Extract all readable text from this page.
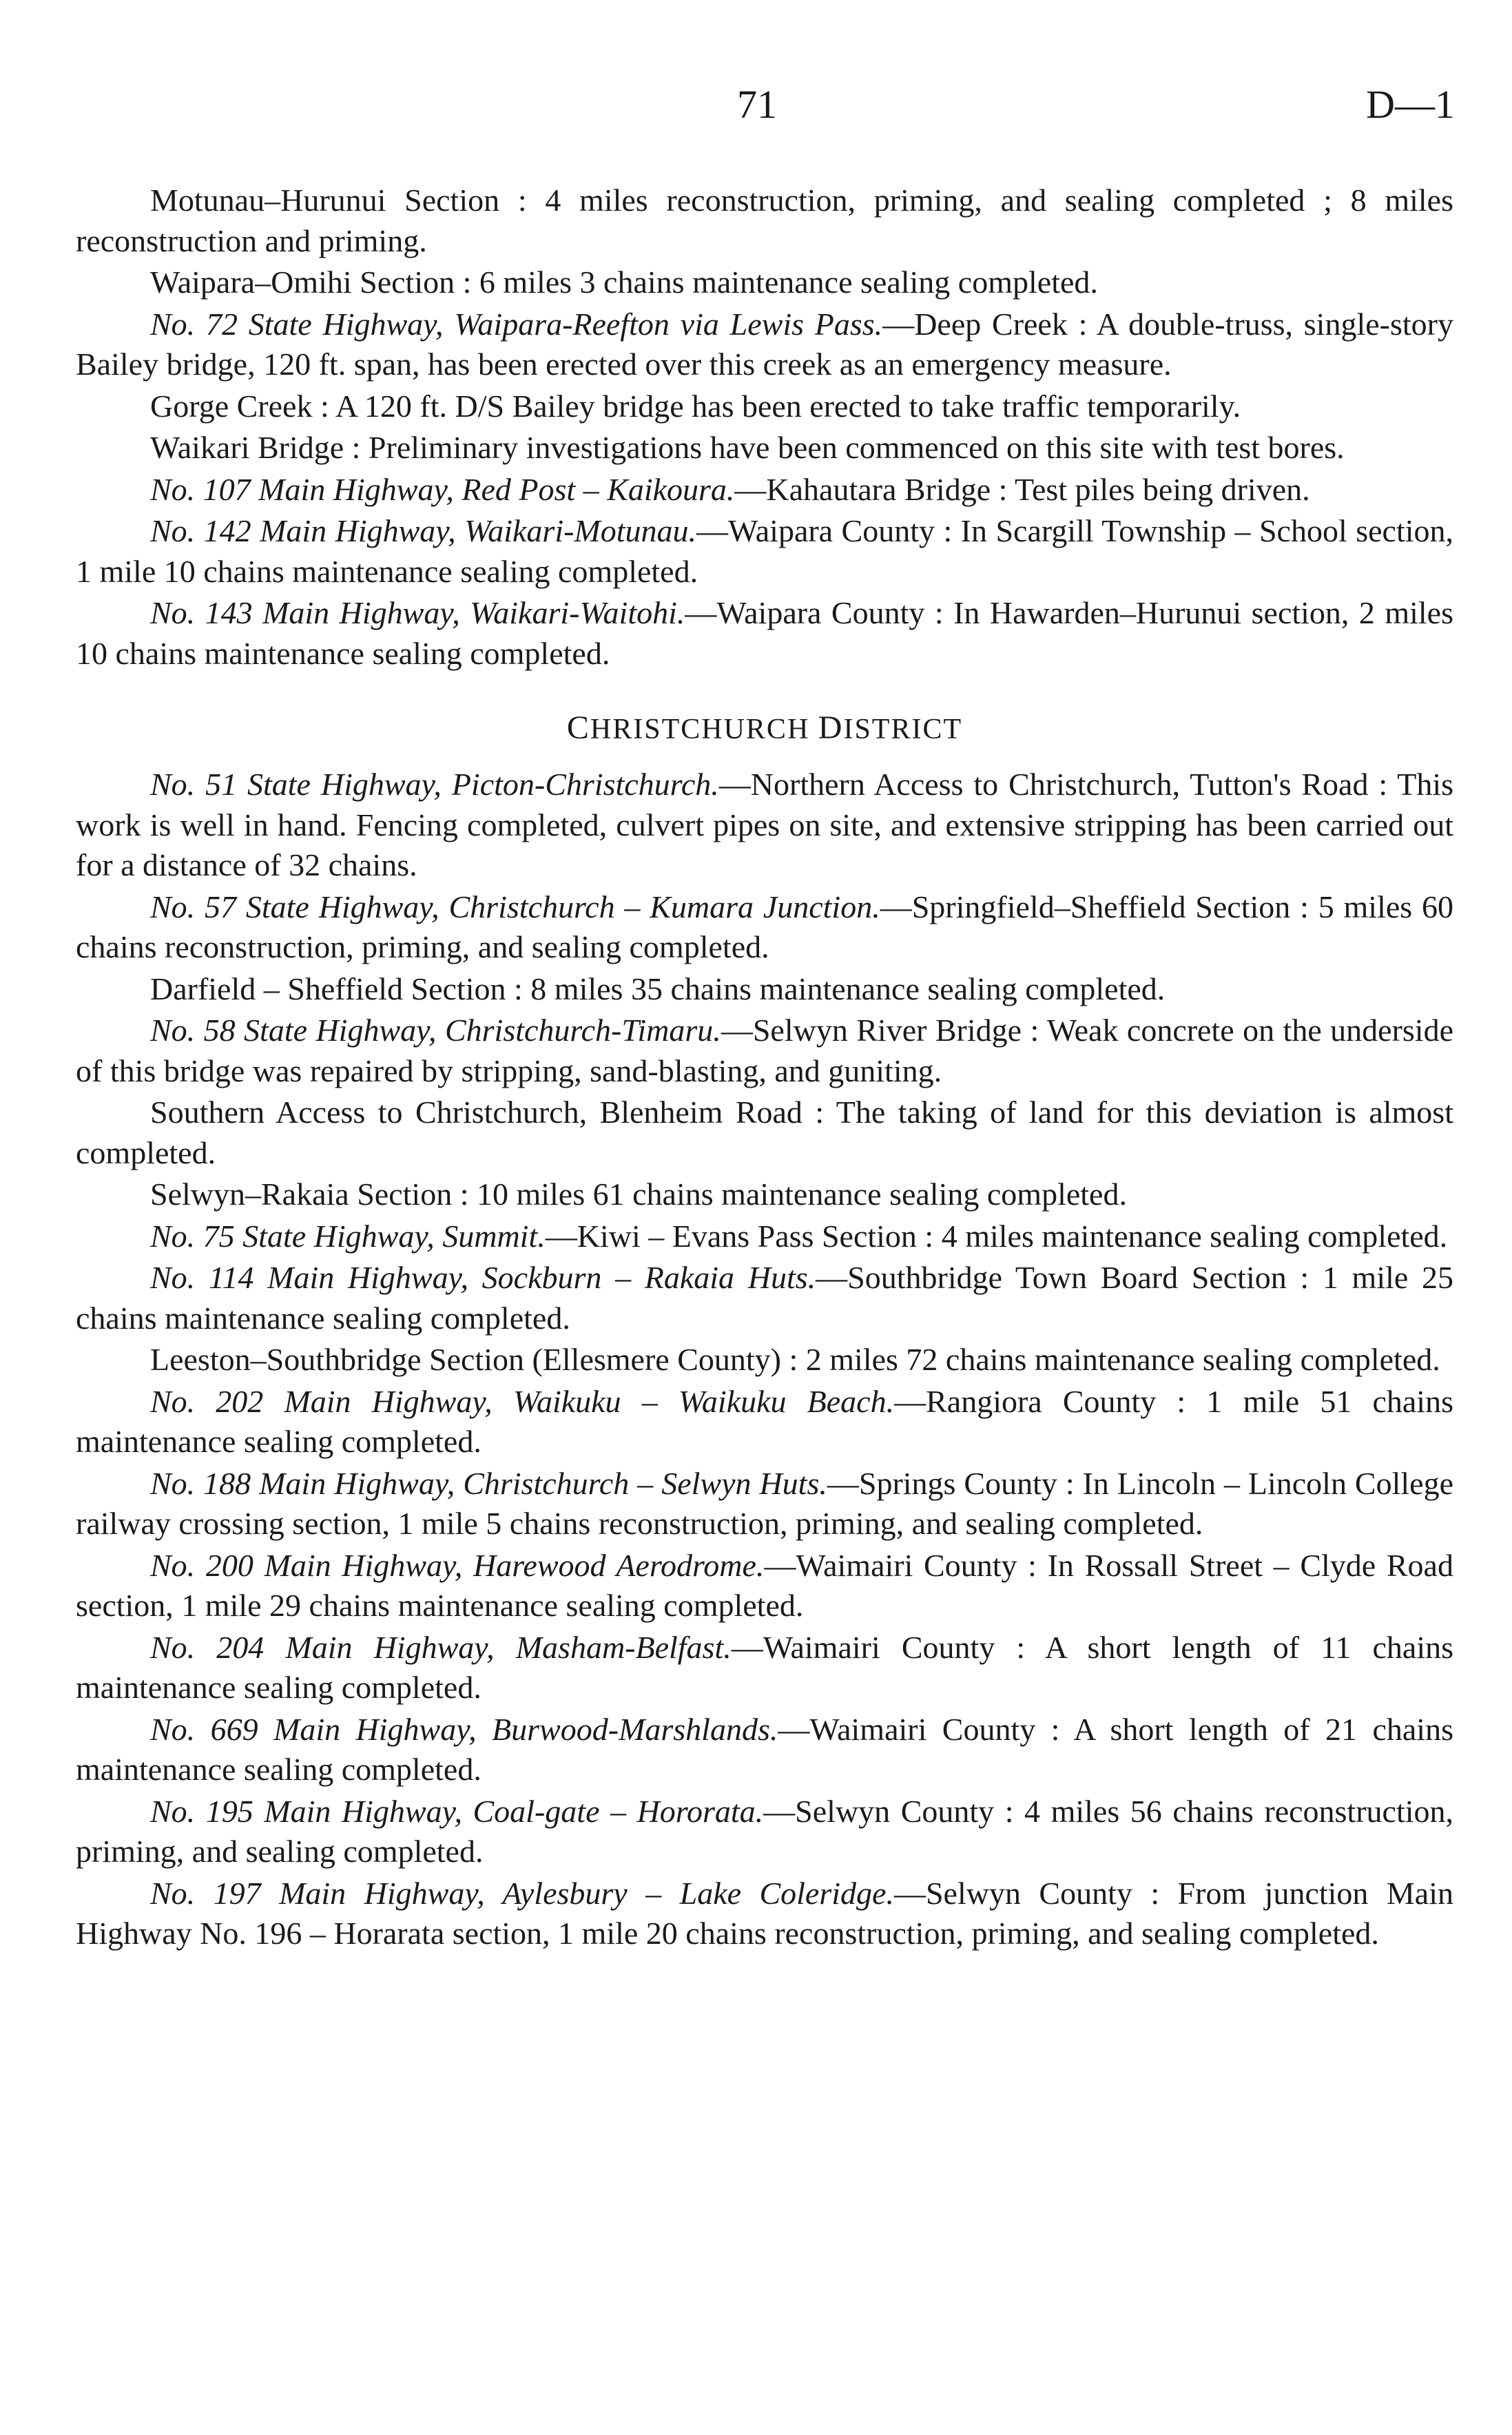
71	D—1

Motunau–Hurunui Section : 4 miles reconstruction, priming, and sealing completed ; 8 miles reconstruction and priming.

Waipara–Omihi Section : 6 miles 3 chains maintenance sealing completed.

No. 72 State Highway, Waipara-Reefton via Lewis Pass.—Deep Creek : A double-truss, single-story Bailey bridge, 120 ft. span, has been erected over this creek as an emergency measure.

Gorge Creek : A 120 ft. D/S Bailey bridge has been erected to take traffic temporarily.

Waikari Bridge : Preliminary investigations have been commenced on this site with test bores.

No. 107 Main Highway, Red Post – Kaikoura.—Kahautara Bridge : Test piles being driven.

No. 142 Main Highway, Waikari-Motunau.—Waipara County : In Scargill Township – School section, 1 mile 10 chains maintenance sealing completed.

No. 143 Main Highway, Waikari-Waitohi.—Waipara County : In Hawarden–Hurunui section, 2 miles 10 chains maintenance sealing completed.

CHRISTCHURCH DISTRICT

No. 51 State Highway, Picton-Christchurch.—Northern Access to Christchurch, Tutton's Road : This work is well in hand. Fencing completed, culvert pipes on site, and extensive stripping has been carried out for a distance of 32 chains.

No. 57 State Highway, Christchurch – Kumara Junction.—Springfield–Sheffield Section : 5 miles 60 chains reconstruction, priming, and sealing completed.

Darfield – Sheffield Section : 8 miles 35 chains maintenance sealing completed.

No. 58 State Highway, Christchurch-Timaru.—Selwyn River Bridge : Weak concrete on the underside of this bridge was repaired by stripping, sand-blasting, and guniting.

Southern Access to Christchurch, Blenheim Road : The taking of land for this deviation is almost completed.

Selwyn–Rakaia Section : 10 miles 61 chains maintenance sealing completed.

No. 75 State Highway, Summit.—Kiwi – Evans Pass Section : 4 miles maintenance sealing completed.

No. 114 Main Highway, Sockburn – Rakaia Huts.—Southbridge Town Board Section : 1 mile 25 chains maintenance sealing completed.

Leeston–Southbridge Section (Ellesmere County) : 2 miles 72 chains maintenance sealing completed.

No. 202 Main Highway, Waikuku – Waikuku Beach.—Rangiora County : 1 mile 51 chains maintenance sealing completed.

No. 188 Main Highway, Christchurch – Selwyn Huts.—Springs County : In Lincoln – Lincoln College railway crossing section, 1 mile 5 chains reconstruction, priming, and sealing completed.

No. 200 Main Highway, Harewood Aerodrome.—Waimairi County : In Rossall Street – Clyde Road section, 1 mile 29 chains maintenance sealing completed.

No. 204 Main Highway, Masham-Belfast.—Waimairi County : A short length of 11 chains maintenance sealing completed.

No. 669 Main Highway, Burwood-Marshlands.—Waimairi County : A short length of 21 chains maintenance sealing completed.

No. 195 Main Highway, Coal-gate – Hororata.—Selwyn County : 4 miles 56 chains reconstruction, priming, and sealing completed.

No. 197 Main Highway, Aylesbury – Lake Coleridge.—Selwyn County : From junction Main Highway No. 196 – Horarata section, 1 mile 20 chains reconstruction, priming, and sealing completed.
